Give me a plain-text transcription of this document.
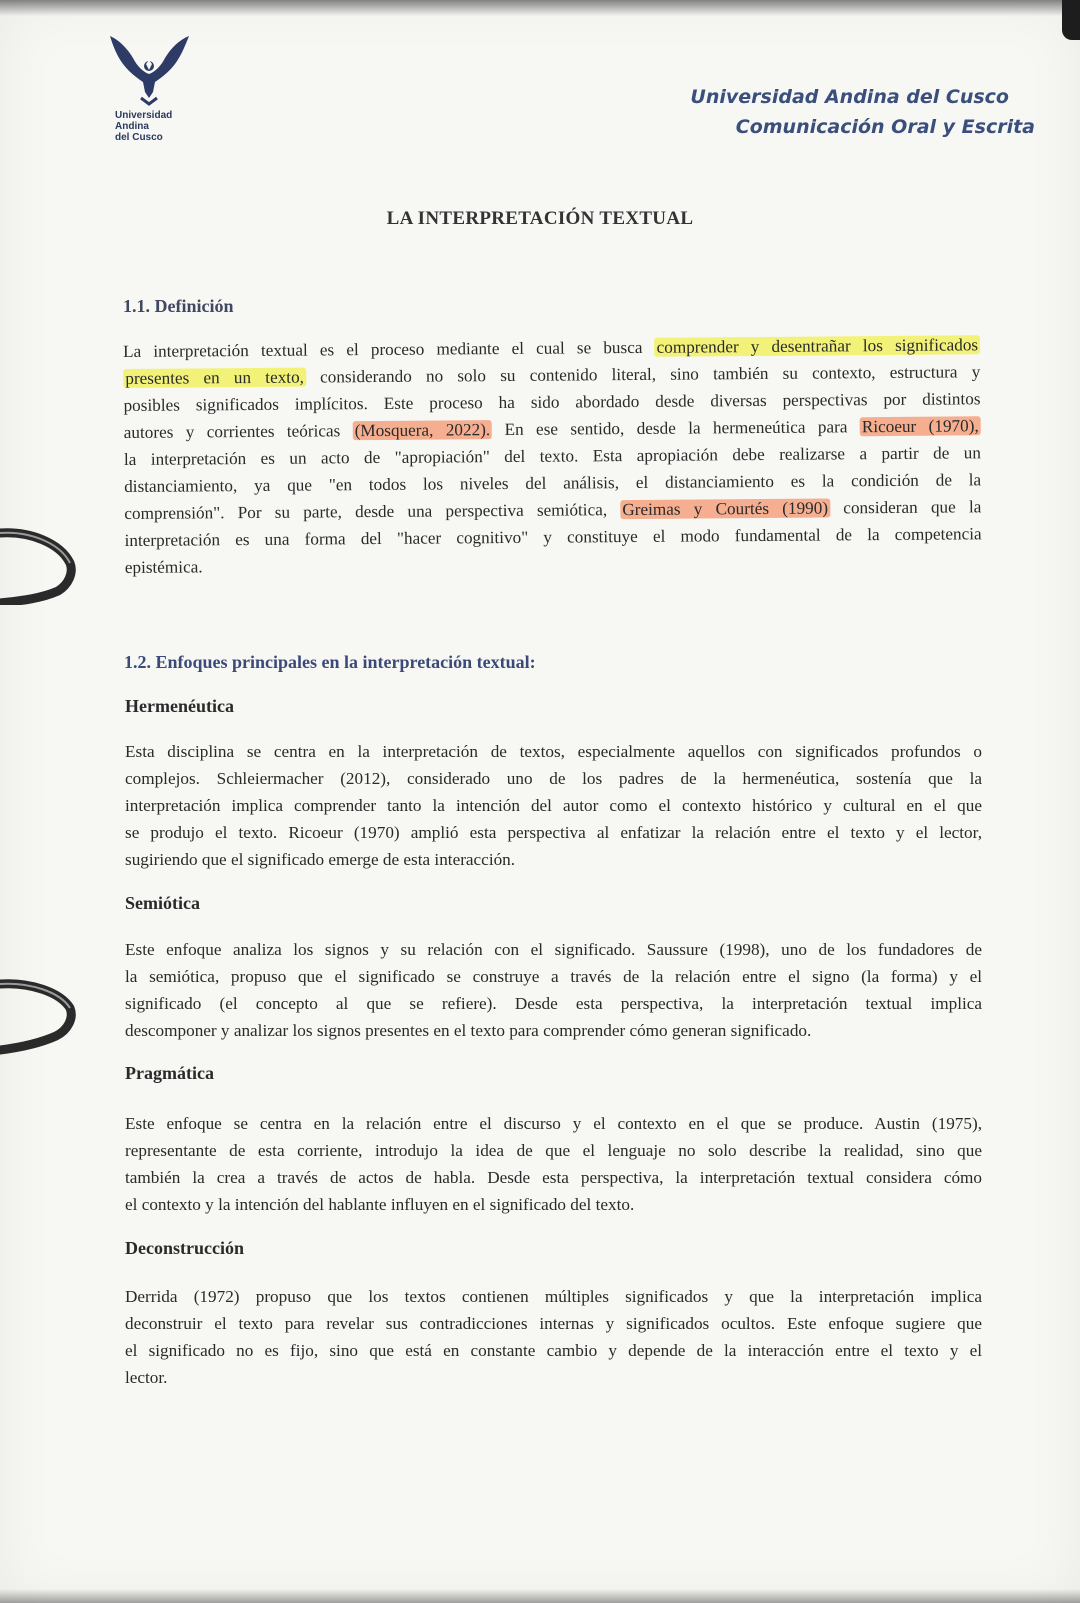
Universidad
Andina
del Cusco
Universidad Andina del Cusco
Comunicación Oral y Escrita
LA INTERPRETACIÓN TEXTUAL
1.1. Definición
La interpretación textual es el proceso mediante el cual se busca comprender y desentrañar los significados
presentes en un texto, considerando no solo su contenido literal, sino también su contexto, estructura y
posibles significados implícitos. Este proceso ha sido abordado desde diversas perspectivas por distintos
autores y corrientes teóricas (Mosquera, 2022). En ese sentido, desde la hermeneútica para Ricoeur (1970),
la interpretación es un acto de "apropiación" del texto. Esta apropiación debe realizarse a partir de un
distanciamiento, ya que "en todos los niveles del análisis, el distanciamiento es la condición de la
comprensión". Por su parte, desde una perspectiva semiótica, Greimas y Courtés (1990) consideran que la
interpretación es una forma del "hacer cognitivo" y constituye el modo fundamental de la competencia
epistémica.
1.2. Enfoques principales en la interpretación textual:
Hermenéutica
Esta disciplina se centra en la interpretación de textos, especialmente aquellos con significados profundos o
complejos. Schleiermacher (2012), considerado uno de los padres de la hermenéutica, sostenía que la
interpretación implica comprender tanto la intención del autor como el contexto histórico y cultural en el que
se produjo el texto. Ricoeur (1970) amplió esta perspectiva al enfatizar la relación entre el texto y el lector,
sugiriendo que el significado emerge de esta interacción.
Semiótica
Este enfoque analiza los signos y su relación con el significado. Saussure (1998), uno de los fundadores de
la semiótica, propuso que el significado se construye a través de la relación entre el signo (la forma) y el
significado (el concepto al que se refiere). Desde esta perspectiva, la interpretación textual implica
descomponer y analizar los signos presentes en el texto para comprender cómo generan significado.
Pragmática
Este enfoque se centra en la relación entre el discurso y el contexto en el que se produce. Austin (1975),
representante de esta corriente, introdujo la idea de que el lenguaje no solo describe la realidad, sino que
también la crea a través de actos de habla. Desde esta perspectiva, la interpretación textual considera cómo
el contexto y la intención del hablante influyen en el significado del texto.
Deconstrucción
Derrida (1972) propuso que los textos contienen múltiples significados y que la interpretación implica
deconstruir el texto para revelar sus contradicciones internas y significados ocultos. Este enfoque sugiere que
el significado no es fijo, sino que está en constante cambio y depende de la interacción entre el texto y el
lector.
